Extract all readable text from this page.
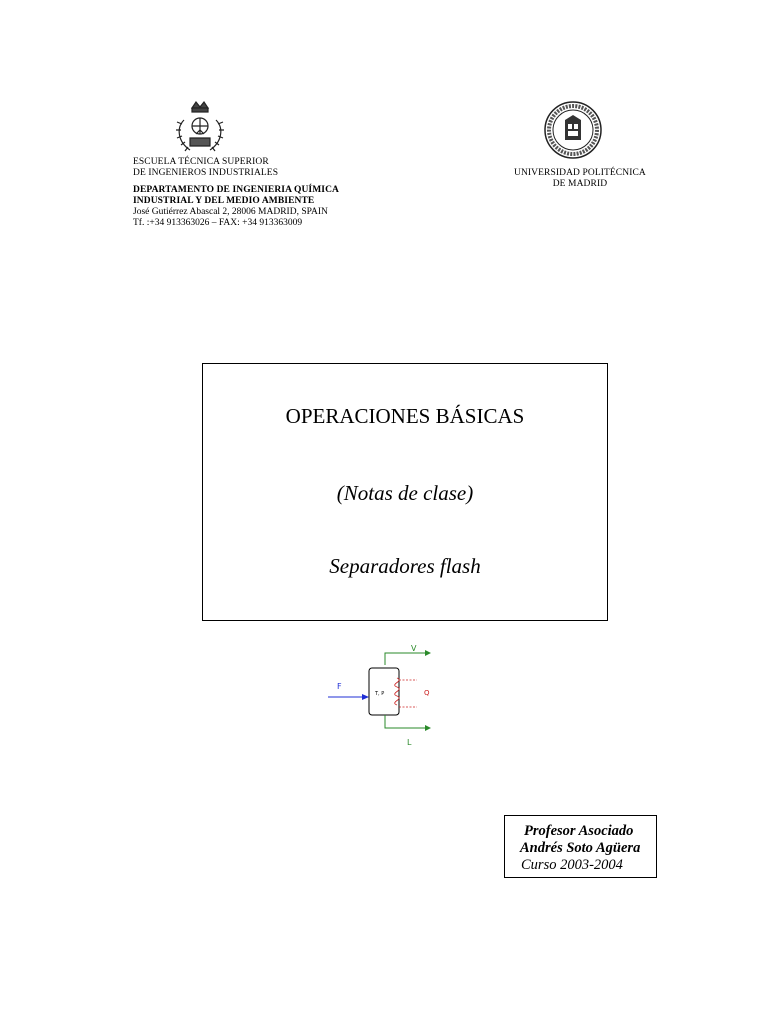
ESCUELA TÉCNICA SUPERIOR
DE INGENIEROS INDUSTRIALES
DEPARTAMENTO DE INGENIERIA QUÍMICA
INDUSTRIAL Y DEL MEDIO AMBIENTE
José Gutiérrez Abascal 2, 28006 MADRID, SPAIN
Tf. :+34 913363026 – FAX: +34 913363009
UNIVERSIDAD POLITÉCNICA
DE MADRID
OPERACIONES BÁSICAS
(Notas de clase)
Separadores flash
V
F
T, P	Q
L
Profesor Asociado
Andrés Soto Agüera
Curso 2003-2004
